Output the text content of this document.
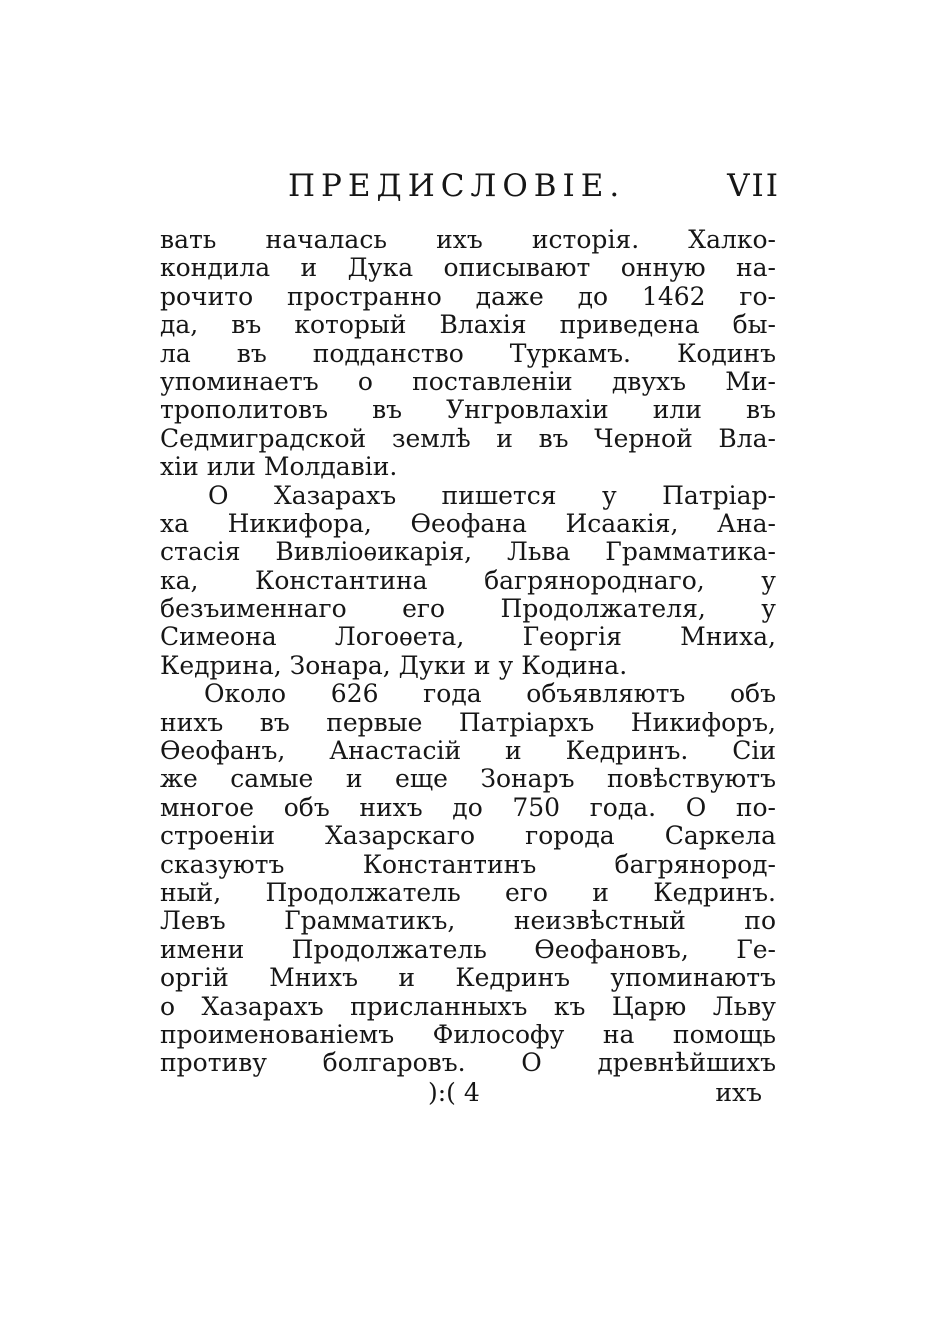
ПРЕДИСЛОВІЕ.	VII
вать началась ихъ исторія. Халко-
кондила и Дука описывают онную на-
рочито пространно даже до 1462 го-
да, въ который Влахія приведена бы-
ла въ подданство Туркамъ. Кодинъ
упоминаетъ о поставленіи двухъ Ми-
трополитовъ въ Унгровлахіи или въ
Седмиградской землѣ и въ Черной Вла-
хіи или Молдавіи.
О Хазарахъ пишется у Патріар-
ха Никифора, Ѳеофана Исаакія, Ана-
стасія Вивліоѳикарія, Льва Грамматика-
ка, Константина багрянороднаго, у
безъименнаго его Продолжателя, у
Симеона Логоѳета, Георгія Мниха,
Кедрина, Зонара, Дуки и у Кодина.
Около 626 года объявляютъ объ
нихъ въ первые Патріархъ Никифоръ,
Ѳеофанъ, Анастасій и Кедринъ. Сіи
же самые и еще Зонаръ повѣствуютъ
многое объ нихъ до 750 года. О по-
строеніи Хазарскаго города Саркела
сказуютъ Константинъ багрянород-
ный, Продолжатель его и Кедринъ.
Левъ Грамматикъ, неизвѣстный по
имени Продолжатель Ѳеофановъ, Ге-
оргій Мнихъ и Кедринъ упоминаютъ
о Хазарахъ присланныхъ къ Царю Льву
проименованіемъ Философу на помощь
противу болгаровъ. О древнѣйшихъ
):( 4	ихъ
